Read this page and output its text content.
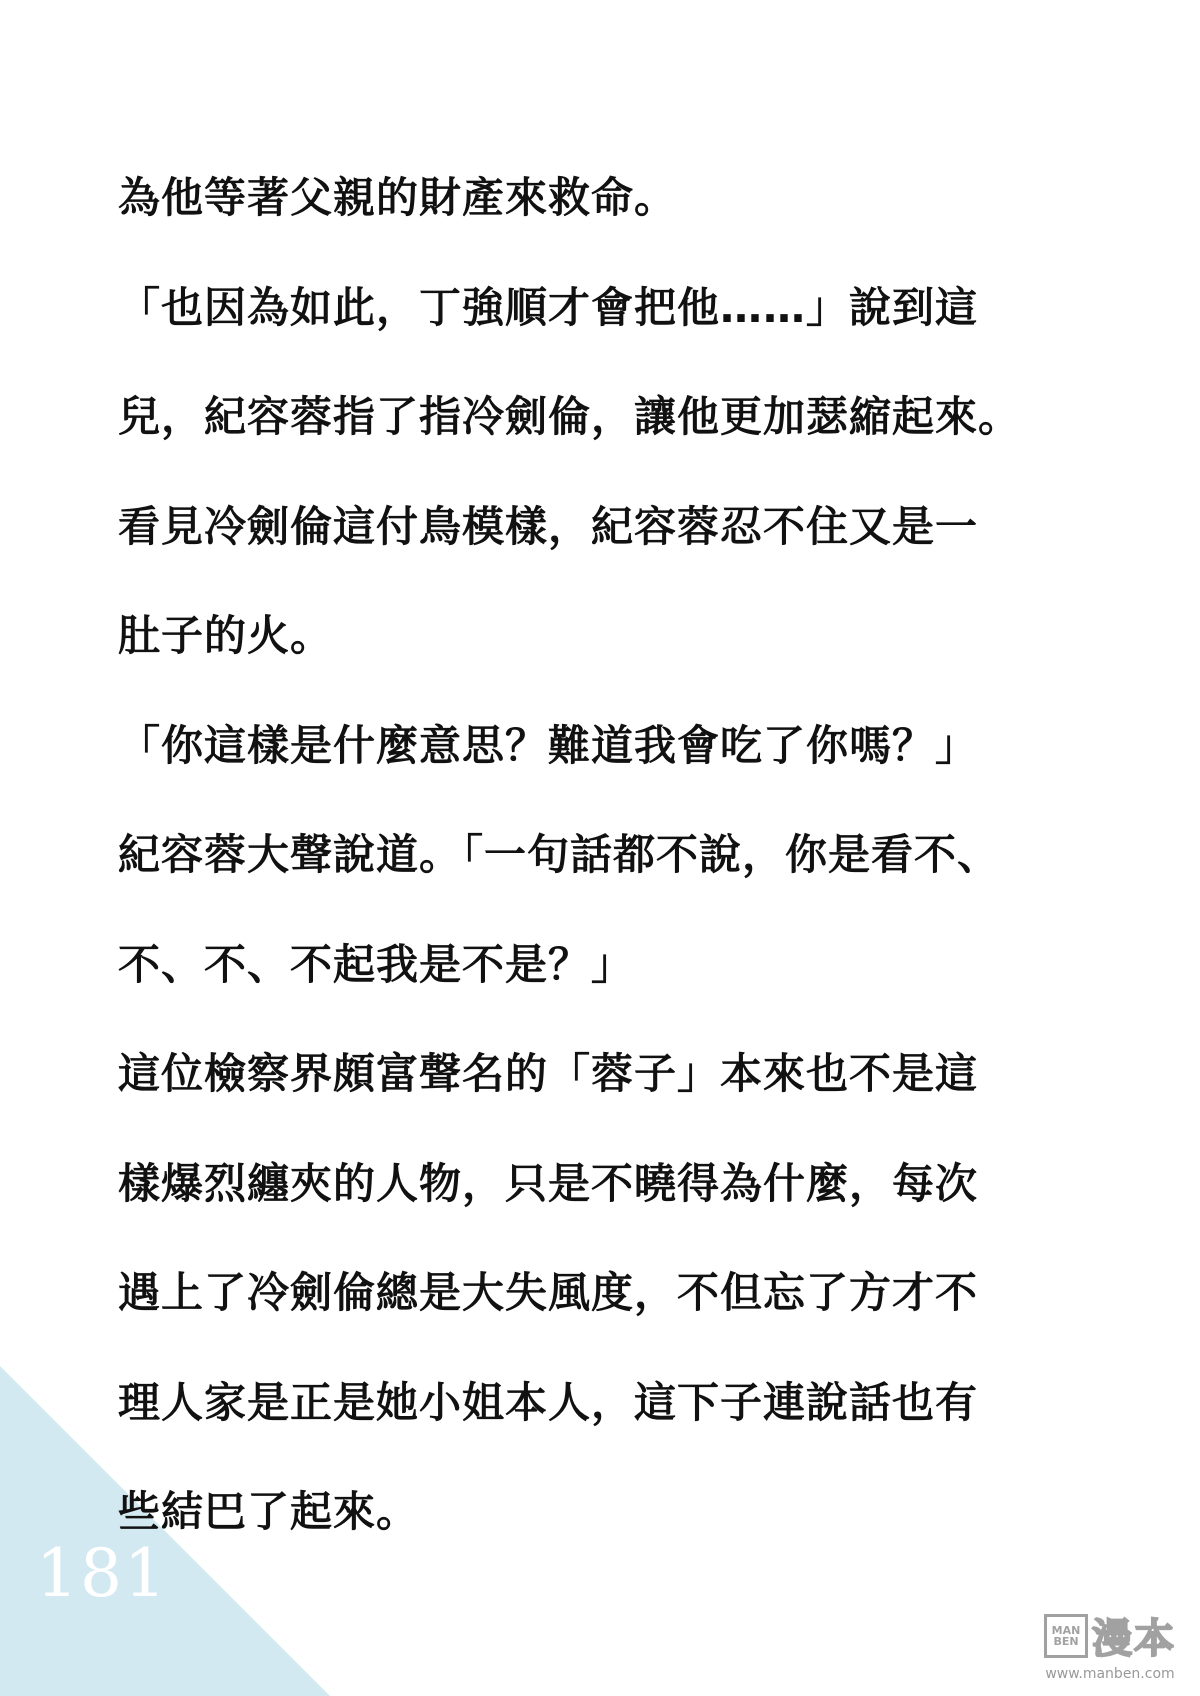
為他等著父親的財產來救命。
「也因為如此，丁強順才會把他……」說到這
兒，紀容蓉指了指冷劍倫，讓他更加瑟縮起來。
看見冷劍倫這付鳥模樣，紀容蓉忍不住又是一
肚子的火。
「你這樣是什麼意思？難道我會吃了你嗎？」
紀容蓉大聲說道。「一句話都不說，你是看不、
不、不、不起我是不是？」
這位檢察界頗富聲名的「蓉子」本來也不是這
樣爆烈纏夾的人物，只是不曉得為什麼，每次
遇上了冷劍倫總是大失風度，不但忘了方才不
理人家是正是她小姐本人，這下子連說話也有
些結巴了起來。
181
MAN
BEN 漫本
www.manben.com
